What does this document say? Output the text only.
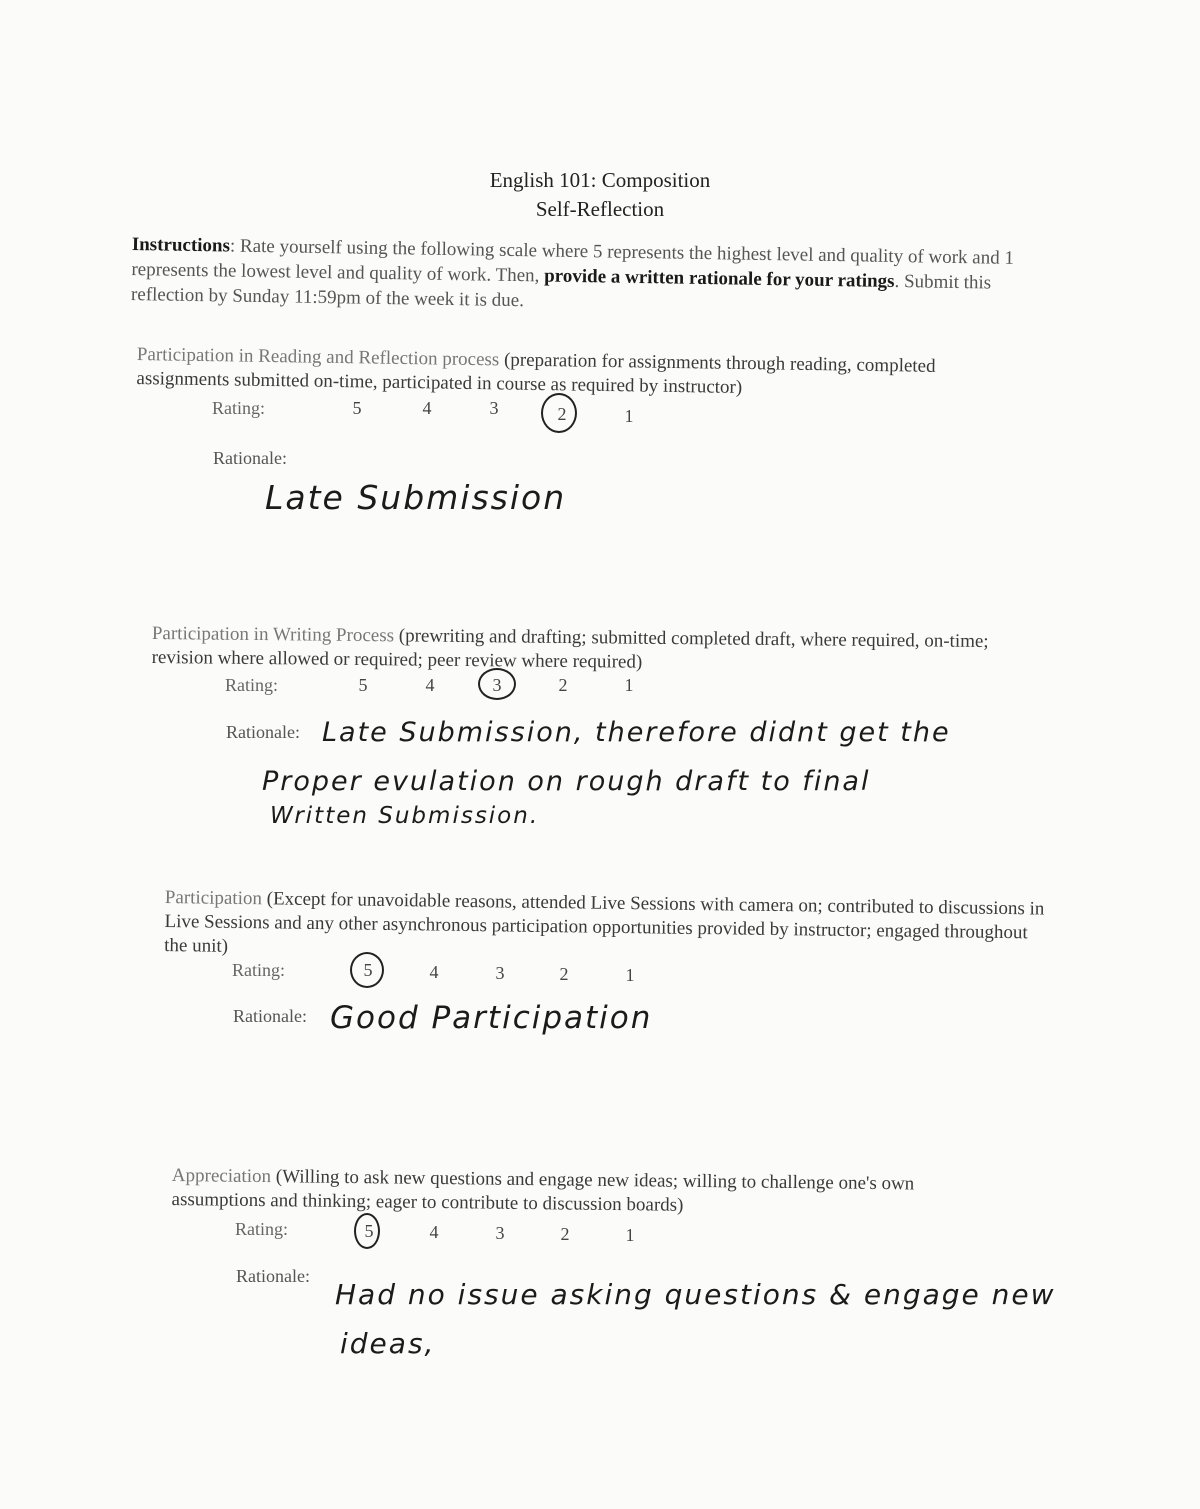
English 101: Composition
Self-Reflection
Instructions: Rate yourself using the following scale where 5 represents the highest level and quality of work and 1 represents the lowest level and quality of work. Then, provide a written rationale for your ratings. Submit this reflection by Sunday 11:59pm of the week it is due.
Participation in Reading and Reflection process (preparation for assignments through reading, completed assignments submitted on-time, participated in course as required by instructor)
Rating:	5	4	3	2	1
Rationale:
Late Submission
Participation in Writing Process (prewriting and drafting; submitted completed draft, where required, on-time; revision where allowed or required; peer review where required)
Rating:	5	4	3	2	1
Rationale: Late Submission, therefore didnt get the
Proper evulation on rough draft to final
Written Submission.
Participation (Except for unavoidable reasons, attended Live Sessions with camera on; contributed to discussions in Live Sessions and any other asynchronous participation opportunities provided by instructor; engaged throughout the unit)
Rating:	5	4	3	2	1
Rationale: Good Participation
Appreciation (Willing to ask new questions and engage new ideas; willing to challenge one's own assumptions and thinking; eager to contribute to discussion boards)
Rating:	5	4	3	2	1
Rationale:
Had no issue asking questions & engage new
ideas,
